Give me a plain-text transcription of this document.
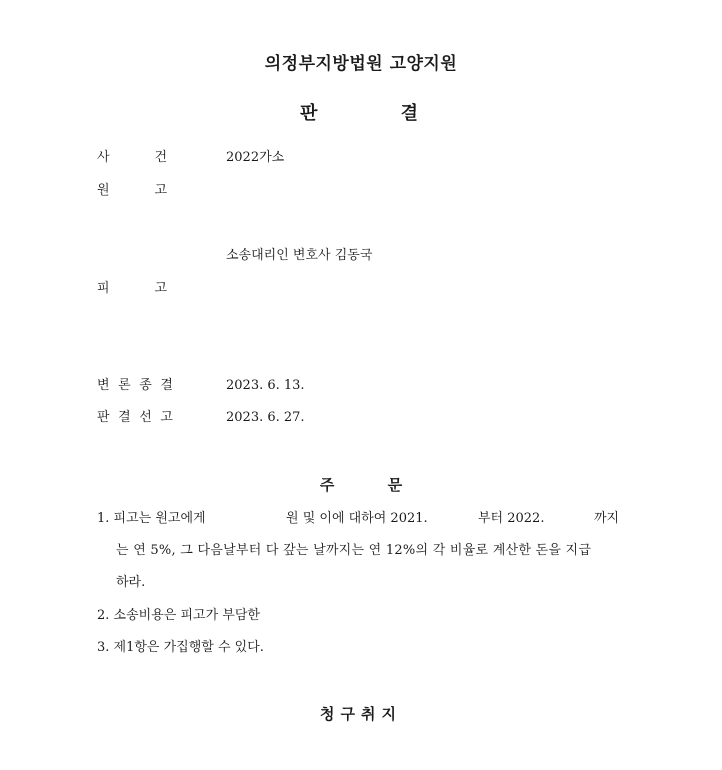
의정부지방법원 고양지원
판	결
사	건	2022가소
원	고
소송대리인 변호사 김동국
피	고
변 론 종 결	2023. 6. 13.
판 결 선 고	2023. 6. 27.
주	문
1. 피고는 원고에게	원 및 이에 대하여 2021.	부터 2022.	까지
는 연 5%, 그 다음날부터 다 갚는 날까지는 연 12%의 각 비율로 계산한 돈을 지급
하라.
2. 소송비용은 피고가 부담한
3. 제1항은 가집행할 수 있다.
청구취지
